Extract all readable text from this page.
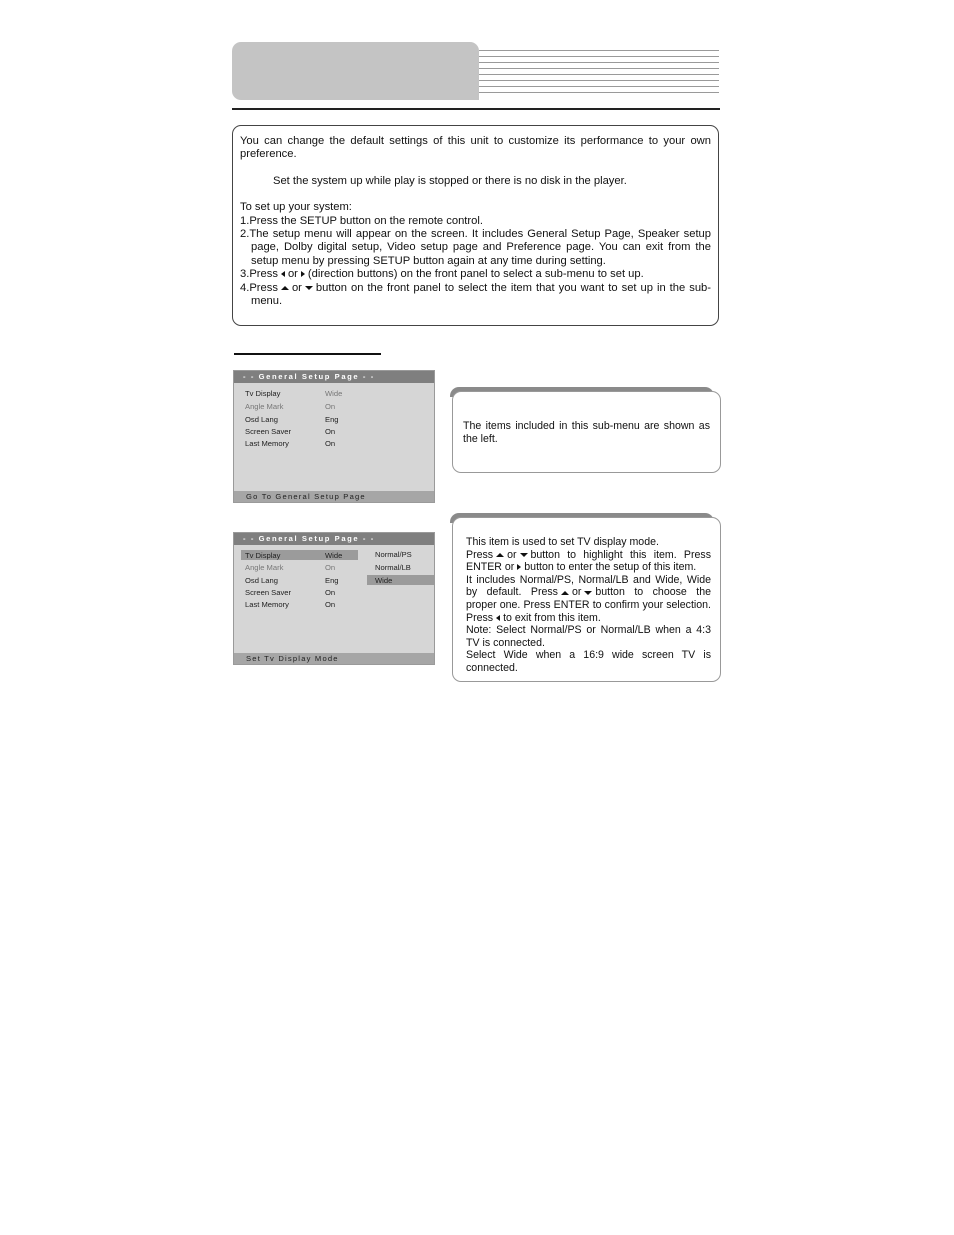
You can change the default settings of this unit to customize its performance to your own preference.

Set the system up while play is stopped or there is no disk in the player.

To set up your system:

1.Press the SETUP button on the remote control.

2.The setup menu will appear on the screen. It includes General Setup Page, Speaker setup page, Dolby digital setup, Video setup page and Preference page. You can exit from the setup menu by pressing SETUP button again at any time during setting.

3.Press or (direction buttons) on the front panel to select a sub-menu to set up.

4.Press or button on the front panel to select the item that you want to set up in the sub-menu.

- - General Setup Page - -
Tv Display	Wide
Angle Mark	On
Osd Lang	Eng
Screen Saver	On
Last Memory	On
Go To General Setup Page
The items included in this sub-menu are shown as the left.
- - General Setup Page - -
Tv Display	Wide
Angle Mark	On
Osd Lang	Eng
Screen Saver	On
Last Memory	On
Normal/PS
Normal/LB
Wide
Set Tv Display Mode

This item is used to set TV display mode.

Press or button to highlight this item. Press ENTER or button to enter the setup of this item.

It includes Normal/PS, Normal/LB and Wide, Wide by default. Press or button to choose the proper one. Press ENTER to confirm your selection. Press to exit from this item.

Note: Select Normal/PS or Normal/LB when a 4:3 TV is connected.

Select Wide when a 16:9 wide screen TV is connected.
